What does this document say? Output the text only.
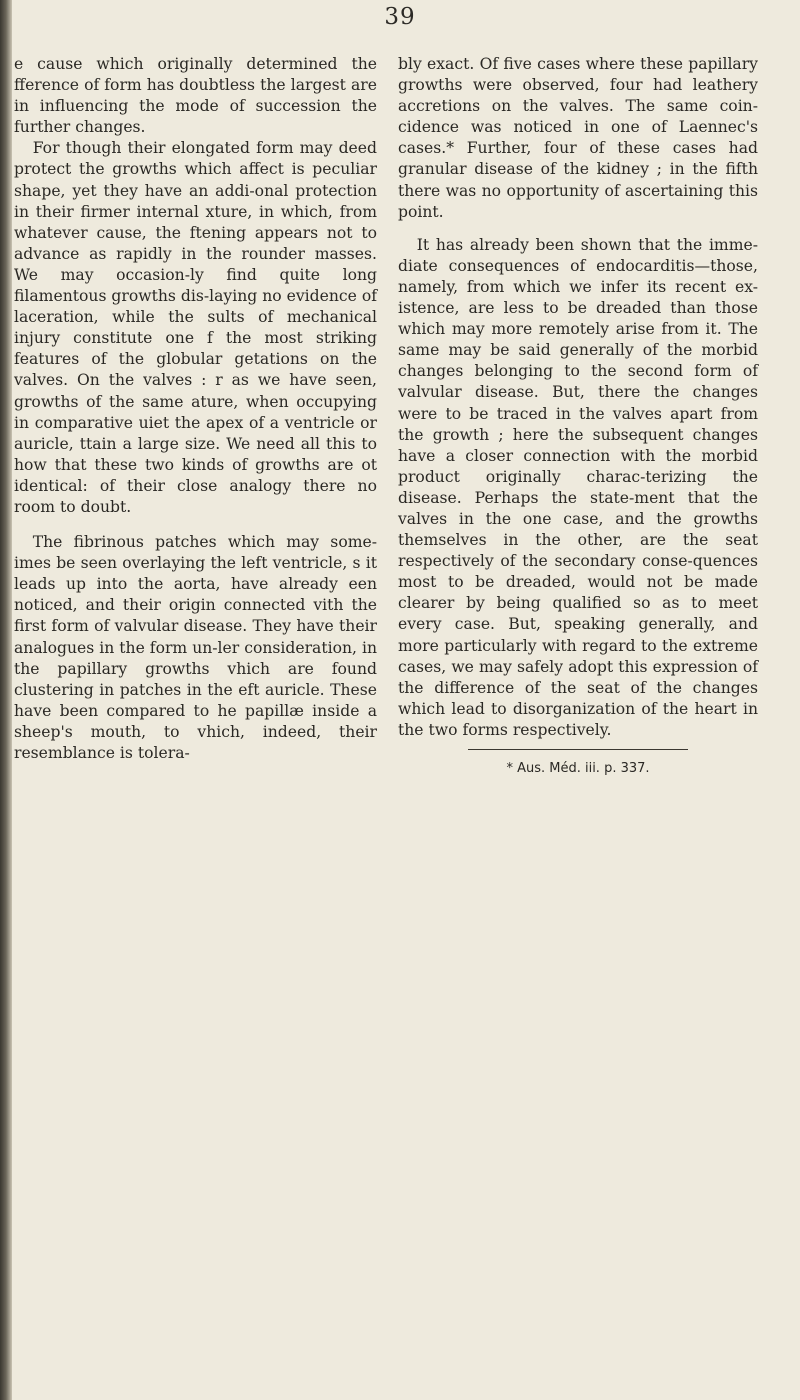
39

e cause which originally determined the fference of form has doubtless the largest are in influencing the mode of succession the further changes.

For though their elongated form may deed protect the growths which affect is peculiar shape, yet they have an addi-onal protection in their firmer internal xture, in which, from whatever cause, the ftening appears not to advance as rapidly in the rounder masses. We may occasion-ly find quite long filamentous growths dis-laying no evidence of laceration, while the sults of mechanical injury constitute one f the most striking features of the globular getations on the valves. On the valves : r as we have seen, growths of the same ature, when occupying in comparative uiet the apex of a ventricle or auricle, ttain a large size. We need all this to how that these two kinds of growths are ot identical: of their close analogy there no room to doubt.

The fibrinous patches which may some-imes be seen overlaying the left ventricle, s it leads up into the aorta, have already een noticed, and their origin connected vith the first form of valvular disease. They have their analogues in the form un-ler consideration, in the papillary growths vhich are found clustering in patches in the eft auricle. These have been compared to he papillæ inside a sheep's mouth, to vhich, indeed, their resemblance is tolera-

bly exact. Of five cases where these papillary growths were observed, four had leathery accretions on the valves. The same coin-cidence was noticed in one of Laennec's cases.* Further, four of these cases had granular disease of the kidney ; in the fifth there was no opportunity of ascertaining this point.

It has already been shown that the imme-diate consequences of endocarditis—those, namely, from which we infer its recent ex-istence, are less to be dreaded than those which may more remotely arise from it. The same may be said generally of the morbid changes belonging to the second form of valvular disease. But, there the changes were to be traced in the valves apart from the growth ; here the subsequent changes have a closer connection with the morbid product originally charac-terizing the disease. Perhaps the state-ment that the valves in the one case, and the growths themselves in the other, are the seat respectively of the secondary conse-quences most to be dreaded, would not be made clearer by being qualified so as to meet every case. But, speaking generally, and more particularly with regard to the extreme cases, we may safely adopt this expression of the difference of the seat of the changes which lead to disorganization of the heart in the two forms respectively.

* Aus. Méd. iii. p. 337.
